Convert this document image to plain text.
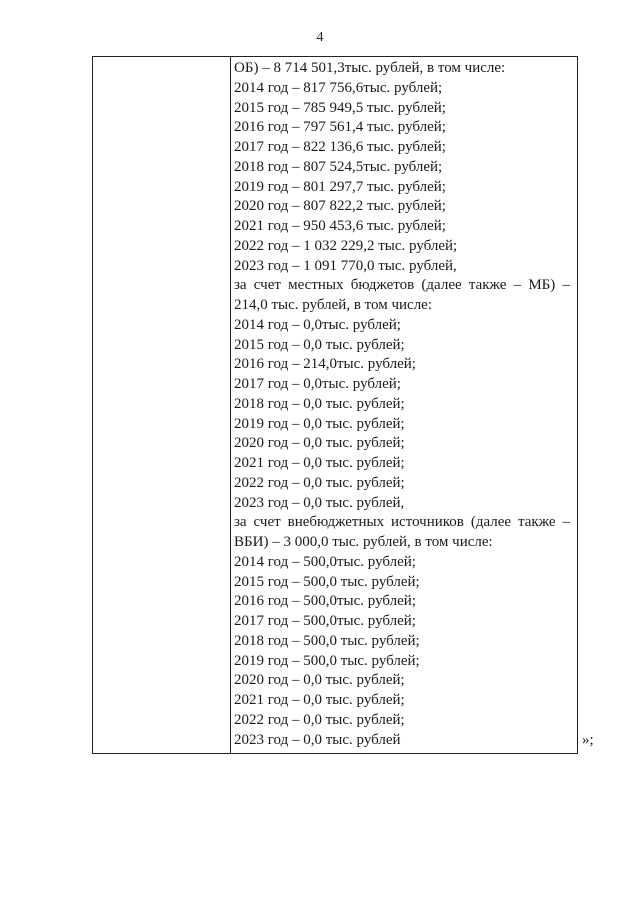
4
ОБ) – 8 714 501,3тыс. рублей, в том числе:
2014 год – 817 756,6тыс. рублей;
2015 год – 785 949,5 тыс. рублей;
2016 год – 797 561,4 тыс. рублей;
2017 год – 822 136,6 тыс. рублей;
2018 год – 807 524,5тыс. рублей;
2019 год – 801 297,7 тыс. рублей;
2020 год – 807 822,2 тыс. рублей;
2021 год – 950 453,6 тыс. рублей;
2022 год – 1 032 229,2 тыс. рублей;
2023 год – 1 091 770,0 тыс. рублей,
за счет местных бюджетов (далее также – МБ) –
214,0 тыс. рублей, в том числе:
2014 год – 0,0тыс. рублей;
2015 год – 0,0 тыс. рублей;
2016 год – 214,0тыс. рублей;
2017 год – 0,0тыс. рублей;
2018 год – 0,0 тыс. рублей;
2019 год – 0,0 тыс. рублей;
2020 год – 0,0 тыс. рублей;
2021 год – 0,0 тыс. рублей;
2022 год – 0,0 тыс. рублей;
2023 год – 0,0 тыс. рублей,
за счет внебюджетных источников (далее также –
ВБИ) – 3 000,0 тыс. рублей, в том числе:
2014 год – 500,0тыс. рублей;
2015 год – 500,0 тыс. рублей;
2016 год – 500,0тыс. рублей;
2017 год – 500,0тыс. рублей;
2018 год – 500,0 тыс. рублей;
2019 год – 500,0 тыс. рублей;
2020 год – 0,0 тыс. рублей;
2021 год – 0,0 тыс. рублей;
2022 год – 0,0 тыс. рублей;
2023 год – 0,0 тыс. рублей	»;
